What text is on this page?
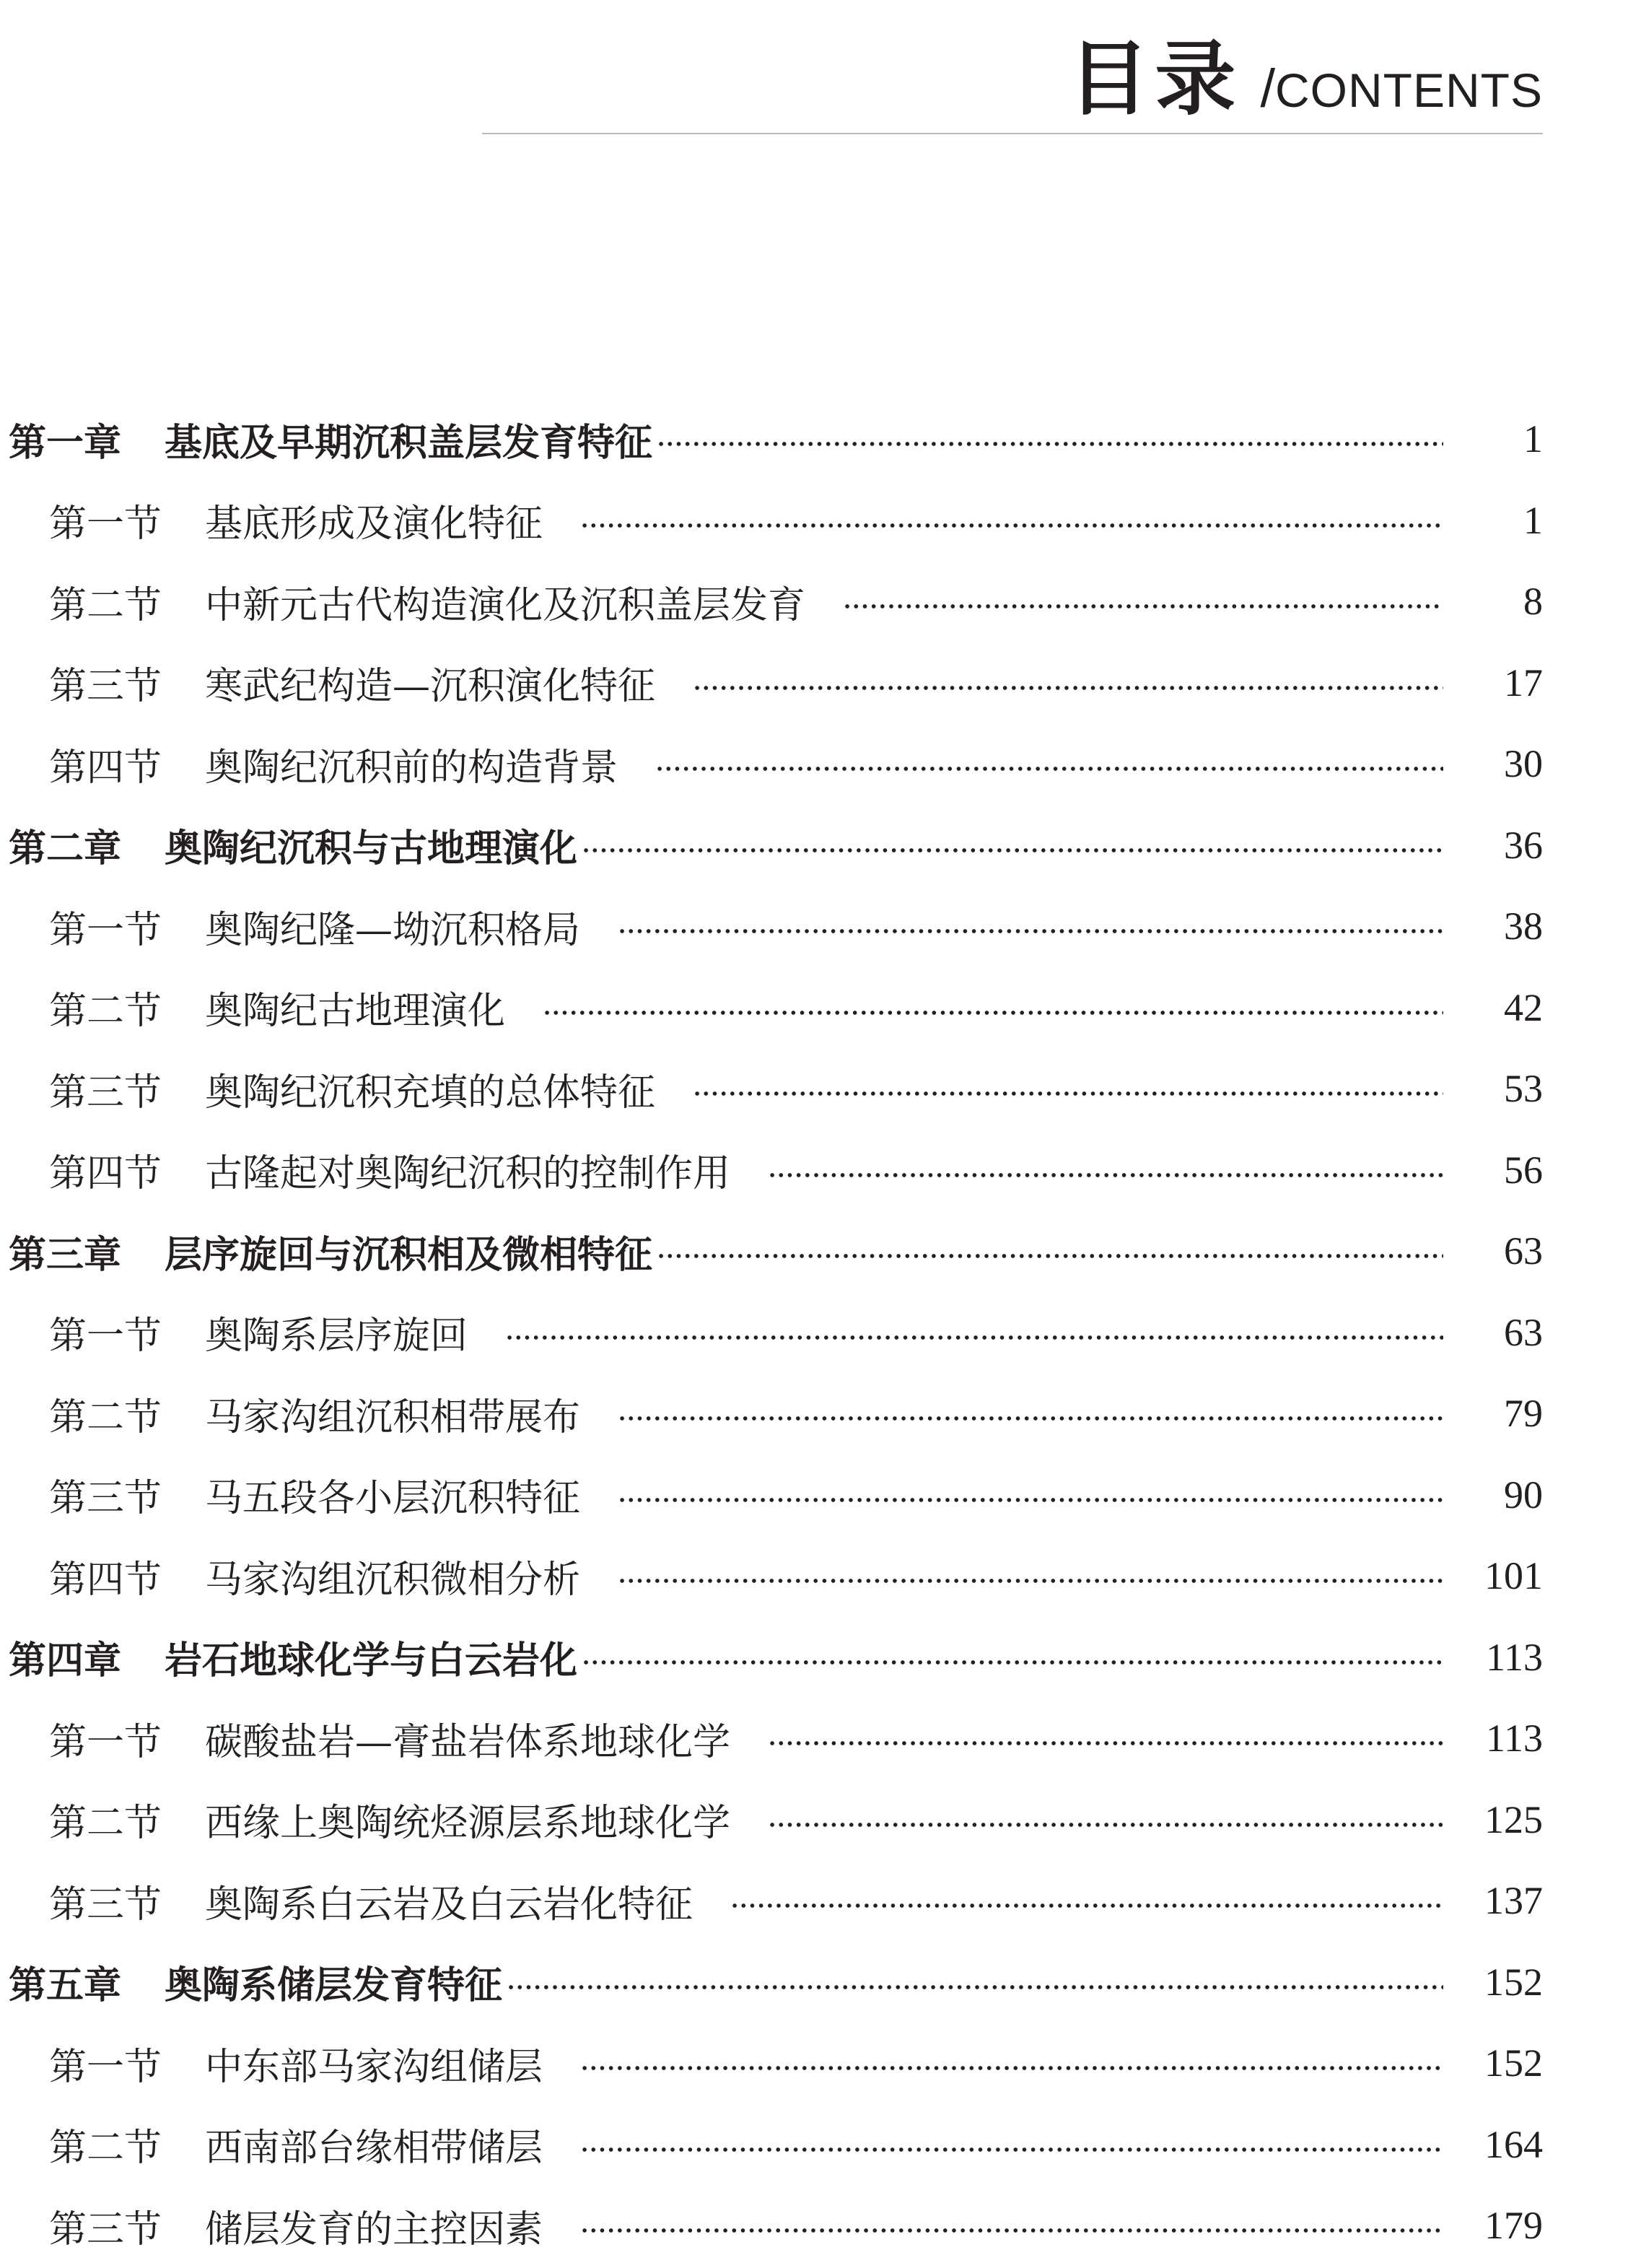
目录 / CONTENTS
第一章 基底及早期沉积盖层发育特征	1
第一节 基底形成及演化特征	1
第二节 中新元古代构造演化及沉积盖层发育	8
第三节 寒武纪构造—沉积演化特征	17
第四节 奥陶纪沉积前的构造背景	30
第二章 奥陶纪沉积与古地理演化	36
第一节 奥陶纪隆—坳沉积格局	38
第二节 奥陶纪古地理演化	42
第三节 奥陶纪沉积充填的总体特征	53
第四节 古隆起对奥陶纪沉积的控制作用	56
第三章 层序旋回与沉积相及微相特征	63
第一节 奥陶系层序旋回	63
第二节 马家沟组沉积相带展布	79
第三节 马五段各小层沉积特征	90
第四节 马家沟组沉积微相分析	101
第四章 岩石地球化学与白云岩化	113
第一节 碳酸盐岩—膏盐岩体系地球化学	113
第二节 西缘上奥陶统烃源层系地球化学	125
第三节 奥陶系白云岩及白云岩化特征	137
第五章 奥陶系储层发育特征	152
第一节 中东部马家沟组储层	152
第二节 西南部台缘相带储层	164
第三节 储层发育的主控因素	179
